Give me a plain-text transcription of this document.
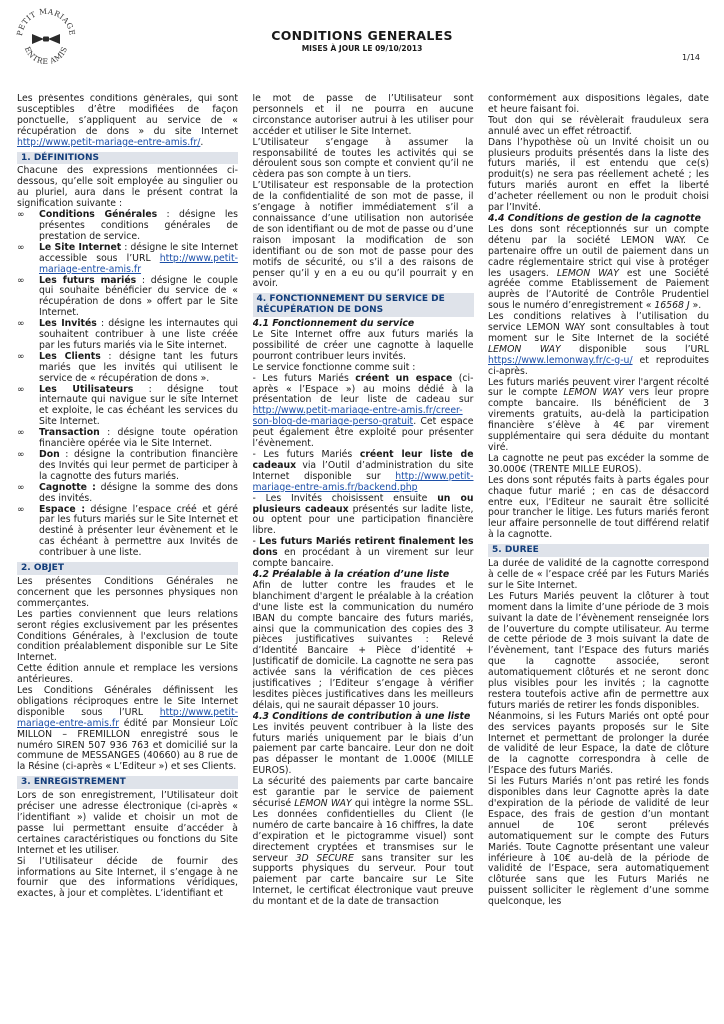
PETIT MARIAGE
ENTRE AMIS
CONDITIONS GENERALES
MISES À JOUR LE 09/10/2013
1/14

Les présentes conditions générales, qui sont susceptibles d’être modifiées de façon ponctuelle, s’appliquent au service de « récupération de dons » du site Internet http://www.petit-mariage-entre-amis.fr/.

1. DÉFINITIONS

Chacune des expressions mentionnées ci-dessous, qu’elle soit employée au singulier ou au pluriel, aura dans le présent contrat la signification suivante :

∞	Conditions Générales : désigne les présentes conditions générales de prestation de service.
∞	Le Site Internet : désigne le site Internet accessible sous l’URL http://www.petit-mariage-entre-amis.fr
∞	Les futurs mariés : désigne le couple qui souhaite bénéficier du service de « récupération de dons » offert par le Site Internet.
∞	Les Invités : désigne les internautes qui souhaitent contribuer à une liste créée par les futurs mariés via le Site internet.
∞	Les Clients : désigne tant les futurs mariés que les invités qui utilisent le service de « récupération de dons ».
∞	Les Utilisateurs : désigne tout internaute qui navigue sur le site Internet et exploite, le cas échéant les services du Site Internet.
∞	Transaction : désigne toute opération financière opérée via le Site Internet.
∞	Don : désigne la contribution financière des Invités qui leur permet de participer à la cagnotte des futurs mariés.
∞	Cagnotte : désigne la somme des dons des invités.
∞	Espace : désigne l’espace créé et géré par les futurs mariés sur le Site Internet et destiné à présenter leur évènement et le cas échéant à permettre aux Invités de contribuer à une liste.
2. OBJET

Les présentes Conditions Générales ne concernent que les personnes physiques non commerçantes.

Les parties conviennent que leurs relations seront régies exclusivement par les présentes Conditions Générales, à l'exclusion de toute condition préalablement disponible sur Le Site Internet.

Cette édition annule et remplace les versions antérieures.

Les Conditions Générales définissent les obligations réciproques entre le Site Internet disponible sous l’URL http://www.petit-mariage-entre-amis.fr édité par Monsieur Loïc MILLON – FREMILLON enregistré sous le numéro SIREN 507 936 763 et domicilié sur la commune de MESSANGES (40660) au 8 rue de la Résine (ci-après « L’Editeur ») et ses Clients.

3. ENREGISTREMENT

Lors de son enregistrement, l’Utilisateur doit préciser une adresse électronique (ci-après « l’identifiant ») valide et choisir un mot de passe lui permettant ensuite d’accéder à certaines caractéristiques ou fonctions du Site Internet et les utiliser.

Si l’Utilisateur décide de fournir des informations au Site Internet, il s’engage à ne fournir que des informations véridiques, exactes, à jour et complètes. L’identifiant et

le mot de passe de l’Utilisateur sont personnels et il ne pourra en aucune circonstance autoriser autrui à les utiliser pour accéder et utiliser le Site Internet.

L’Utilisateur s’engage à assumer la responsabilité de toutes les activités qui se déroulent sous son compte et convient qu’il ne cèdera pas son compte à un tiers.

L’Utilisateur est responsable de la protection de la confidentialité de son mot de passe, il s’engage à notifier immédiatement s’il a connaissance d’une utilisation non autorisée de son identifiant ou de mot de passe ou d’une raison imposant la modification de son identifiant ou de son mot de passe pour des motifs de sécurité, ou s’il a des raisons de penser qu’il y en a eu ou qu’il pourrait y en avoir.

4. FONCTIONNEMENT DU SERVICE DE RÉCUPÉRATION DE DONS

4.1 Fonctionnement du service

Le Site Internet offre aux futurs mariés la possibilité de créer une cagnotte à laquelle pourront contribuer leurs invités.

Le service fonctionne comme suit :

- Les futurs Mariés créent un espace (ci-après « l’Espace ») au moins dédié à la présentation de leur liste de cadeau sur http://www.petit-mariage-entre-amis.fr/creer-son-blog-de-mariage-perso-gratuit. Cet espace peut également être exploité pour présenter l’évènement.

- Les futurs Mariés créent leur liste de cadeaux via l’Outil d’administration du site Internet disponible sur http://www.petit-mariage-entre-amis.fr/backend.php

- Les Invités choisissent ensuite un ou plusieurs cadeaux présentés sur ladite liste, ou optent pour une participation financière libre.

- Les futurs Mariés retirent finalement les dons en procédant à un virement sur leur compte bancaire.

4.2 Préalable à la création d’une liste

Afin de lutter contre les fraudes et le blanchiment d'argent le préalable à la création d'une liste est la communication du numéro IBAN du compte bancaire des futurs mariés, ainsi que la communication des copies des 3 pièces justificatives suivantes : Relevé d’Identité Bancaire + Pièce d’identité + Justificatif de domicile. La cagnotte ne sera pas activée sans la vérification de ces pièces justificatives ; l’Editeur s’engage à vérifier lesdites pièces justificatives dans les meilleurs délais, qui ne saurait dépasser 10 jours.

4.3 Conditions de contribution à une liste

Les invités peuvent contribuer à la liste des futurs mariés uniquement par le biais d’un paiement par carte bancaire. Leur don ne doit pas dépasser le montant de 1.000€ (MILLE EUROS).

La sécurité des paiements par carte bancaire est garantie par le service de paiement sécurisé LEMON WAY qui intègre la norme SSL. Les données confidentielles du Client (le numéro de carte bancaire à 16 chiffres, la date d’expiration et le pictogramme visuel) sont directement cryptées et transmises sur le serveur 3D SECURE sans transiter sur les supports physiques du serveur. Pour tout paiement par carte bancaire sur Le Site Internet, le certificat électronique vaut preuve du montant et de la date de transaction

conformément aux dispositions légales, date et heure faisant foi.

Tout don qui se révèlerait frauduleux sera annulé avec un effet rétroactif.

Dans l’hypothèse où un Invité choisit un ou plusieurs produits présentés dans la liste des futurs mariés, il est entendu que ce(s) produit(s) ne sera pas réellement acheté ; les futurs mariés auront en effet la liberté d’acheter réellement ou non le produit choisi par l’Invité.

4.4 Conditions de gestion de la cagnotte

Les dons sont réceptionnés sur un compte détenu par la société LEMON WAY. Ce partenaire offre un outil de paiement dans un cadre réglementaire strict qui vise à protéger les usagers. LEMON WAY est une Société agréée comme Etablissement de Paiement auprès de l’Autorité de Contrôle Prudentiel sous le numéro d’enregistrement « 16568 J ».

Les conditions relatives à l’utilisation du service LEMON WAY sont consultables à tout moment sur le Site Internet de la société LEMON WAY disponible sous l’URL https://www.lemonway.fr/c-g-u/ et reproduites ci-après.

Les futurs mariés peuvent virer l'argent récolté sur le compte LEMON WAY vers leur propre compte bancaire. Ils bénéficient de 3 virements gratuits, au-delà la participation financière s’élève à 4€ par virement supplémentaire qui sera déduite du montant viré.

La cagnotte ne peut pas excéder la somme de 30.000€ (TRENTE MILLE EUROS).

Les dons sont réputés faits à parts égales pour chaque futur marié ; en cas de désaccord entre eux, l’Editeur ne saurait être sollicité pour trancher le litige. Les futurs mariés feront leur affaire personnelle de tout différend relatif à la cagnotte.

5. DUREE

La durée de validité de la cagnotte correspond à celle de « l’espace créé par les Futurs Mariés sur le Site Internet.

Les Futurs Mariés peuvent la clôturer à tout moment dans la limite d’une période de 3 mois suivant la date de l’évènement renseignée lors de l’ouverture du compte utilisateur. Au terme de cette période de 3 mois suivant la date de l’évènement, tant l’Espace des futurs mariés que la cagnotte associée, seront automatiquement clôturés et ne seront donc plus visibles pour les invités ; la cagnotte restera toutefois active afin de permettre aux futurs mariés de retirer les fonds disponibles.

Néanmoins, si les Futurs Mariés ont opté pour des services payants proposés sur le Site Internet et permettant de prolonger la durée de validité de leur Espace, la date de clôture de la cagnotte correspondra à celle de l’Espace des futurs Mariés.

Si les Futurs Mariés n’ont pas retiré les fonds disponibles dans leur Cagnotte après la date d'expiration de la période de validité de leur Espace, des frais de gestion d’un montant annuel de 10€ seront prélevés automatiquement sur le compte des Futurs Mariés. Toute Cagnotte présentant une valeur inférieure à 10€ au-delà de la période de validité de l’Espace, sera automatiquement clôturée sans que les Futurs Mariés ne puissent solliciter le règlement d’une somme quelconque, les
